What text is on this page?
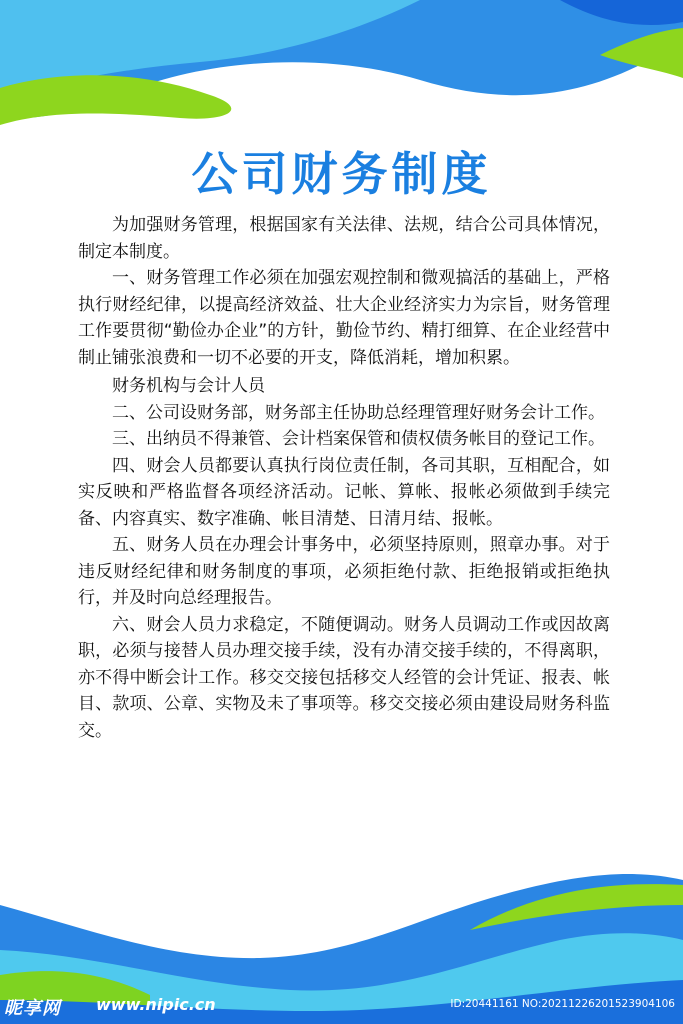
公司财务制度

为加强财务管理，根据国家有关法律、法规，结合公司具体情况，制定本制度。

一、财务管理工作必须在加强宏观控制和微观搞活的基础上，严格执行财经纪律，以提高经济效益、壮大企业经济实力为宗旨，财务管理工作要贯彻“勤俭办企业”的方针，勤俭节约、精打细算、在企业经营中制止铺张浪费和一切不必要的开支，降低消耗，增加积累。

财务机构与会计人员

二、公司设财务部，财务部主任协助总经理管理好财务会计工作。

三、出纳员不得兼管、会计档案保管和债权债务帐目的登记工作。

四、财会人员都要认真执行岗位责任制，各司其职，互相配合，如实反映和严格监督各项经济活动。记帐、算帐、报帐必须做到手续完备、内容真实、数字准确、帐目清楚、日清月结、报帐。

五、财务人员在办理会计事务中，必须坚持原则，照章办事。对于违反财经纪律和财务制度的事项，必须拒绝付款、拒绝报销或拒绝执行，并及时向总经理报告。

六、财会人员力求稳定，不随便调动。财务人员调动工作或因故离职，必须与接替人员办理交接手续，没有办清交接手续的，不得离职，亦不得中断会计工作。移交交接包括移交人经管的会计凭证、报表、帐目、款项、公章、实物及未了事项等。移交交接必须由建设局财务科监交。

昵享网 www.nipic.cn	ID:20441161 NO:20211226201523904106
